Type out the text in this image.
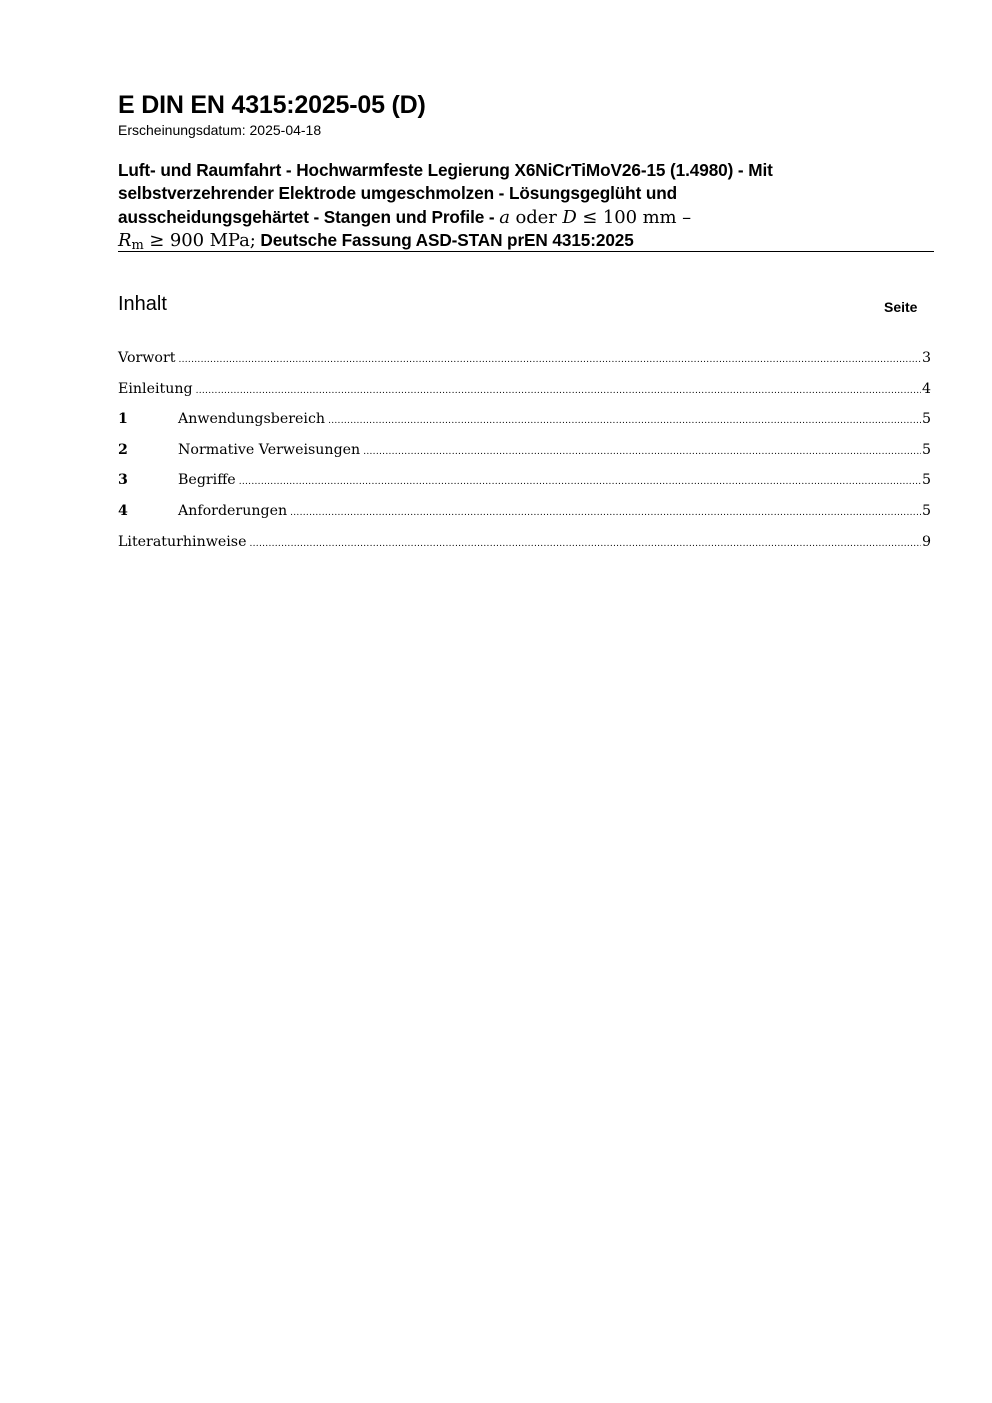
E DIN EN 4315:2025-05 (D)
Erscheinungsdatum: 2025-04-18
Luft- und Raumfahrt - Hochwarmfeste Legierung X6NiCrTiMoV26-15 (1.4980) - Mit
selbstverzehrender Elektrode umgeschmolzen - Lösungsgeglüht und
ausscheidungsgehärtet - Stangen und Profile - a oder D ≤ 100 mm –
$R_m \ge 900$ MPa; Deutsche Fassung ASD-STAN prEN 4315:2025
Inhalt	Seite
Vorwort .....	3
Einleitung .....	4
1	Anwendungsbereich .....	5
2	Normative Verweisungen .....	5
3	Begriffe .....	5
4	Anforderungen .....	5
Literaturhinweise .....	9
